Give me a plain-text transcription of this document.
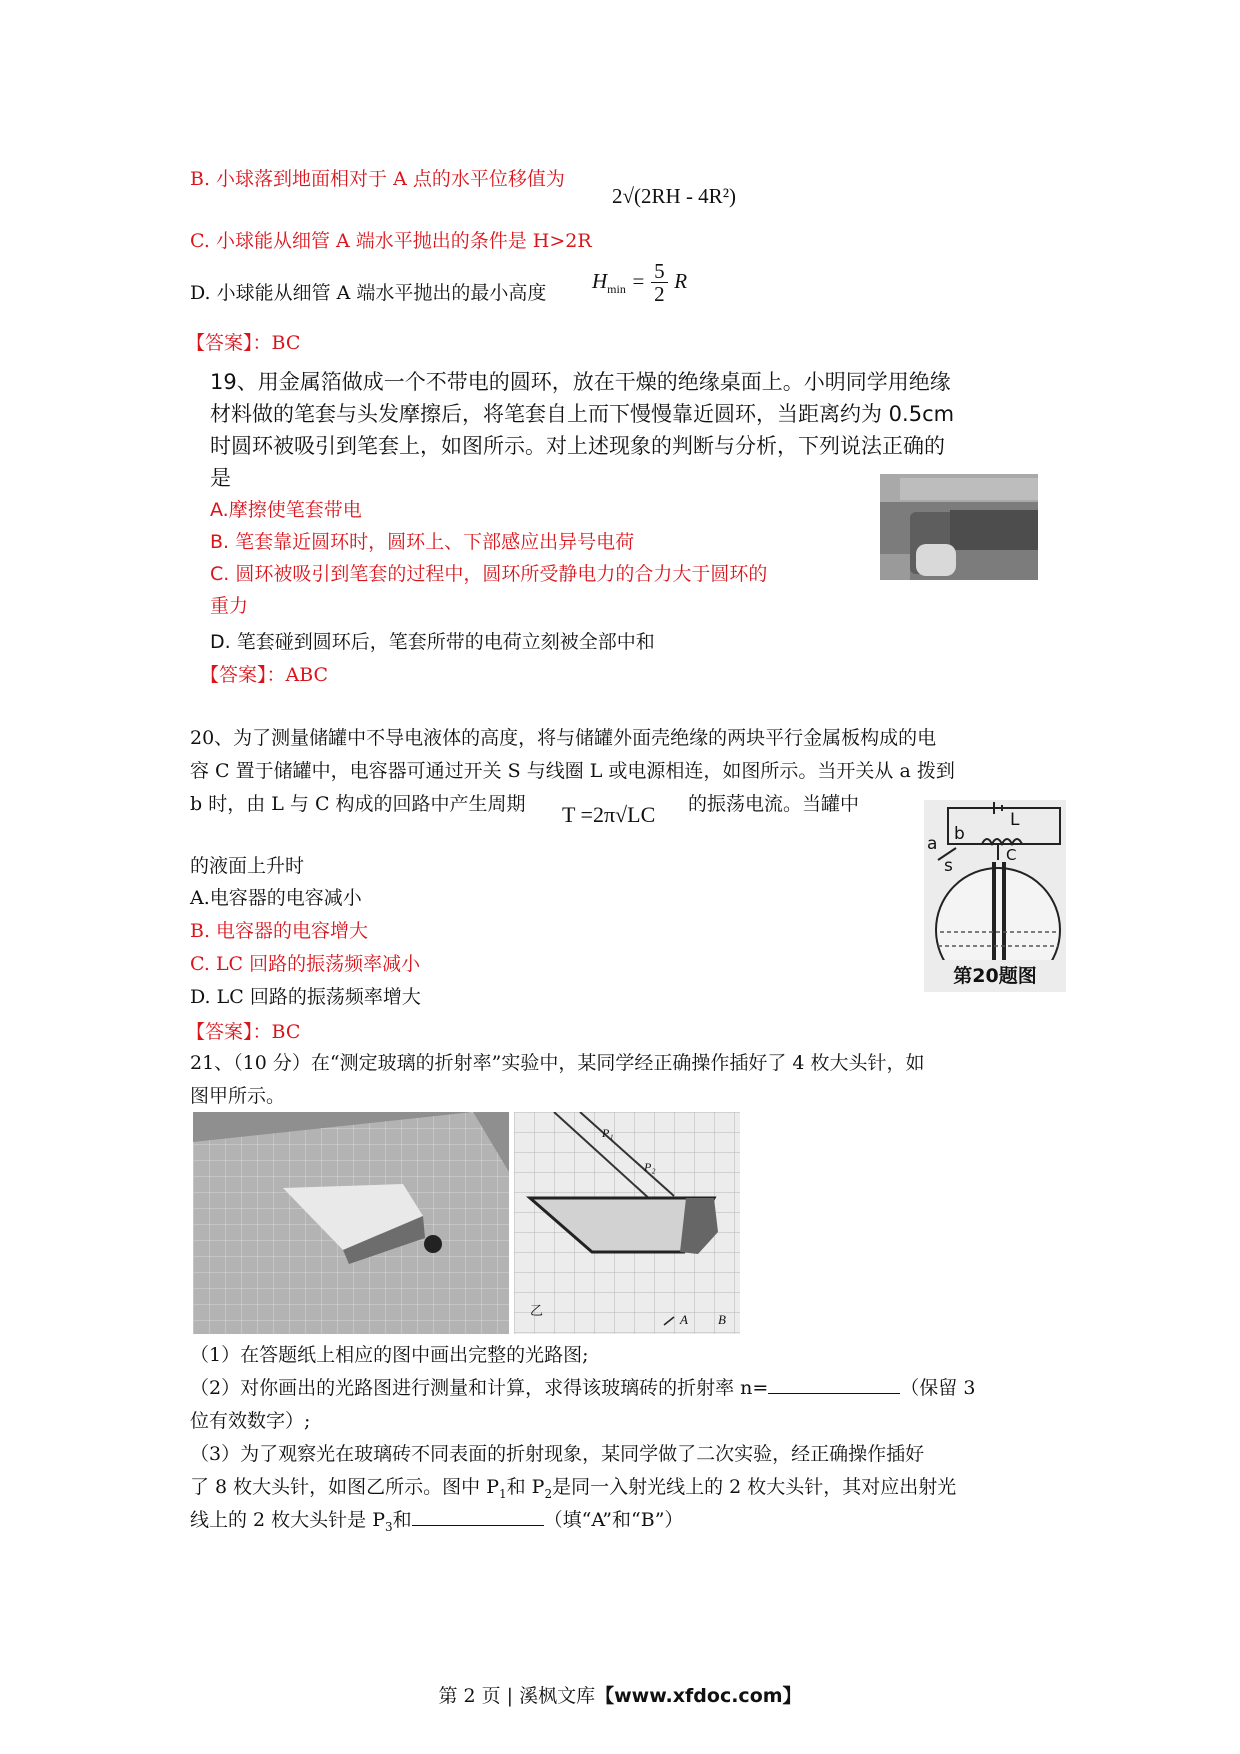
B. 小球落到地面相对于 A 点的水平位移值为
2√(2RH - 4R²)
C. 小球能从细管 A 端水平抛出的条件是 H>2R
D. 小球能从细管 A 端水平抛出的最小高度 $H_{min} = \frac{5}{2}$ R
【答案】：BC
19、用金属箔做成一个不带电的圆环，放在干燥的绝缘桌面上。小明同学用绝缘
材料做的笔套与头发摩擦后，将笔套自上而下慢慢靠近圆环，当距离约为 0.5cm
时圆环被吸引到笔套上，如图所示。对上述现象的判断与分析，下列说法正确的
是
A.摩擦使笔套带电
B. 笔套靠近圆环时，圆环上、下部感应出异号电荷
C. 圆环被吸引到笔套的过程中，圆环所受静电力的合力大于圆环的
重力
D. 笔套碰到圆环后，笔套所带的电荷立刻被全部中和
【答案】：ABC
20、为了测量储罐中不导电液体的高度，将与储罐外面壳绝缘的两块平行金属板构成的电
容 C 置于储罐中，电容器可通过开关 S 与线圈 L 或电源相连，如图所示。当开关从 a 拨到
b 时，由 L 与 C 构成的回路中产生周期 T =2π√LC 的振荡电流。当罐中
的液面上升时
A.电容器的电容减小
B. 电容器的电容增大
C. LC 回路的振荡频率减小
D. LC 回路的振荡频率增大
【答案】：BC
L
b
a
s
C
第20题图
21、（10 分）在“测定玻璃的折射率”实验中，某同学经正确操作插好了 4 枚大头针，如
图甲所示。
P₁
P₂
乙
A B
（1）在答题纸上相应的图中画出完整的光路图;
（2）对你画出的光路图进行测量和计算，求得该玻璃砖的折射率 n=	（保留 3
位有效数字）;
（3）为了观察光在玻璃砖不同表面的折射现象，某同学做了二次实验，经正确操作插好
了 8 枚大头针，如图乙所示。图中 $P_1$和 $P_2$是同一入射光线上的 2 枚大头针，其对应出射光
线上的 2 枚大头针是 $P_3$和	（填“A”和“B”）
第 2 页 | 溪枫文库【www.xfdoc.com】
